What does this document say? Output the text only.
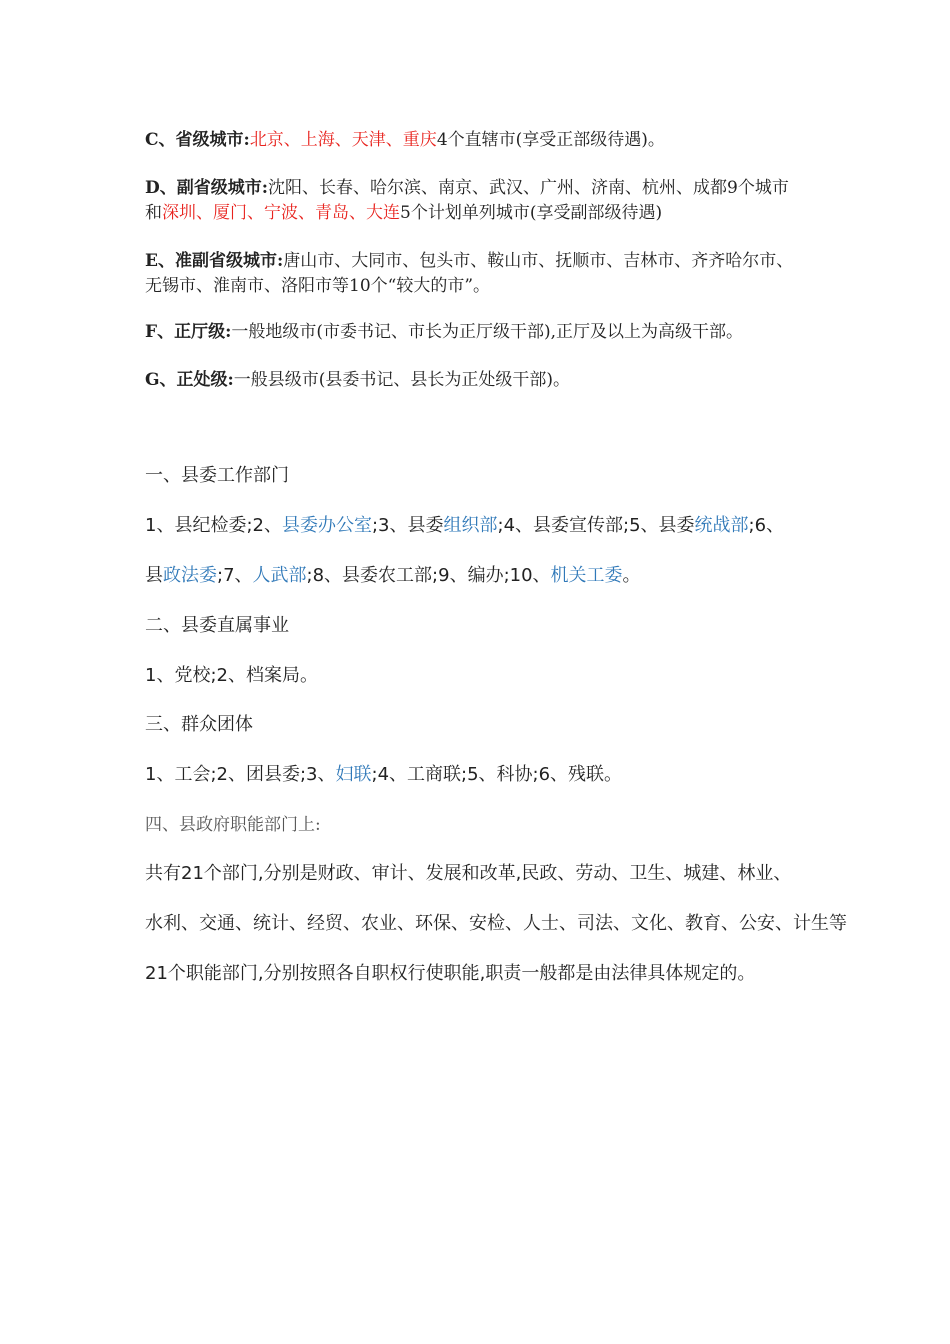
C、省级城市:北京、上海、天津、重庆4个直辖市(享受正部级待遇)。
D、副省级城市:沈阳、长春、哈尔滨、南京、武汉、广州、济南、杭州、成都9个城市
和深圳、厦门、宁波、青岛、大连5个计划单列城市(享受副部级待遇)
E、准副省级城市:唐山市、大同市、包头市、鞍山市、抚顺市、吉林市、齐齐哈尔市、
无锡市、淮南市、洛阳市等10个“较大的市”。
F、正厅级:一般地级市(市委书记、市长为正厅级干部),正厅及以上为高级干部。
G、正处级:一般县级市(县委书记、县长为正处级干部)。
一、县委工作部门
1、县纪检委;2、县委办公室;3、县委组织部;4、县委宣传部;5、县委统战部;6、
县政法委;7、人武部;8、县委农工部;9、编办;10、机关工委。
二、县委直属事业
1、党校;2、档案局。
三、群众团体
1、工会;2、团县委;3、妇联;4、工商联;5、科协;6、残联。
四、县政府职能部门上:
共有21个部门,分别是财政、审计、发展和改革,民政、劳动、卫生、城建、林业、
水利、交通、统计、经贸、农业、环保、安检、人士、司法、文化、教育、公安、计生等
21个职能部门,分别按照各自职权行使职能,职责一般都是由法律具体规定的。
